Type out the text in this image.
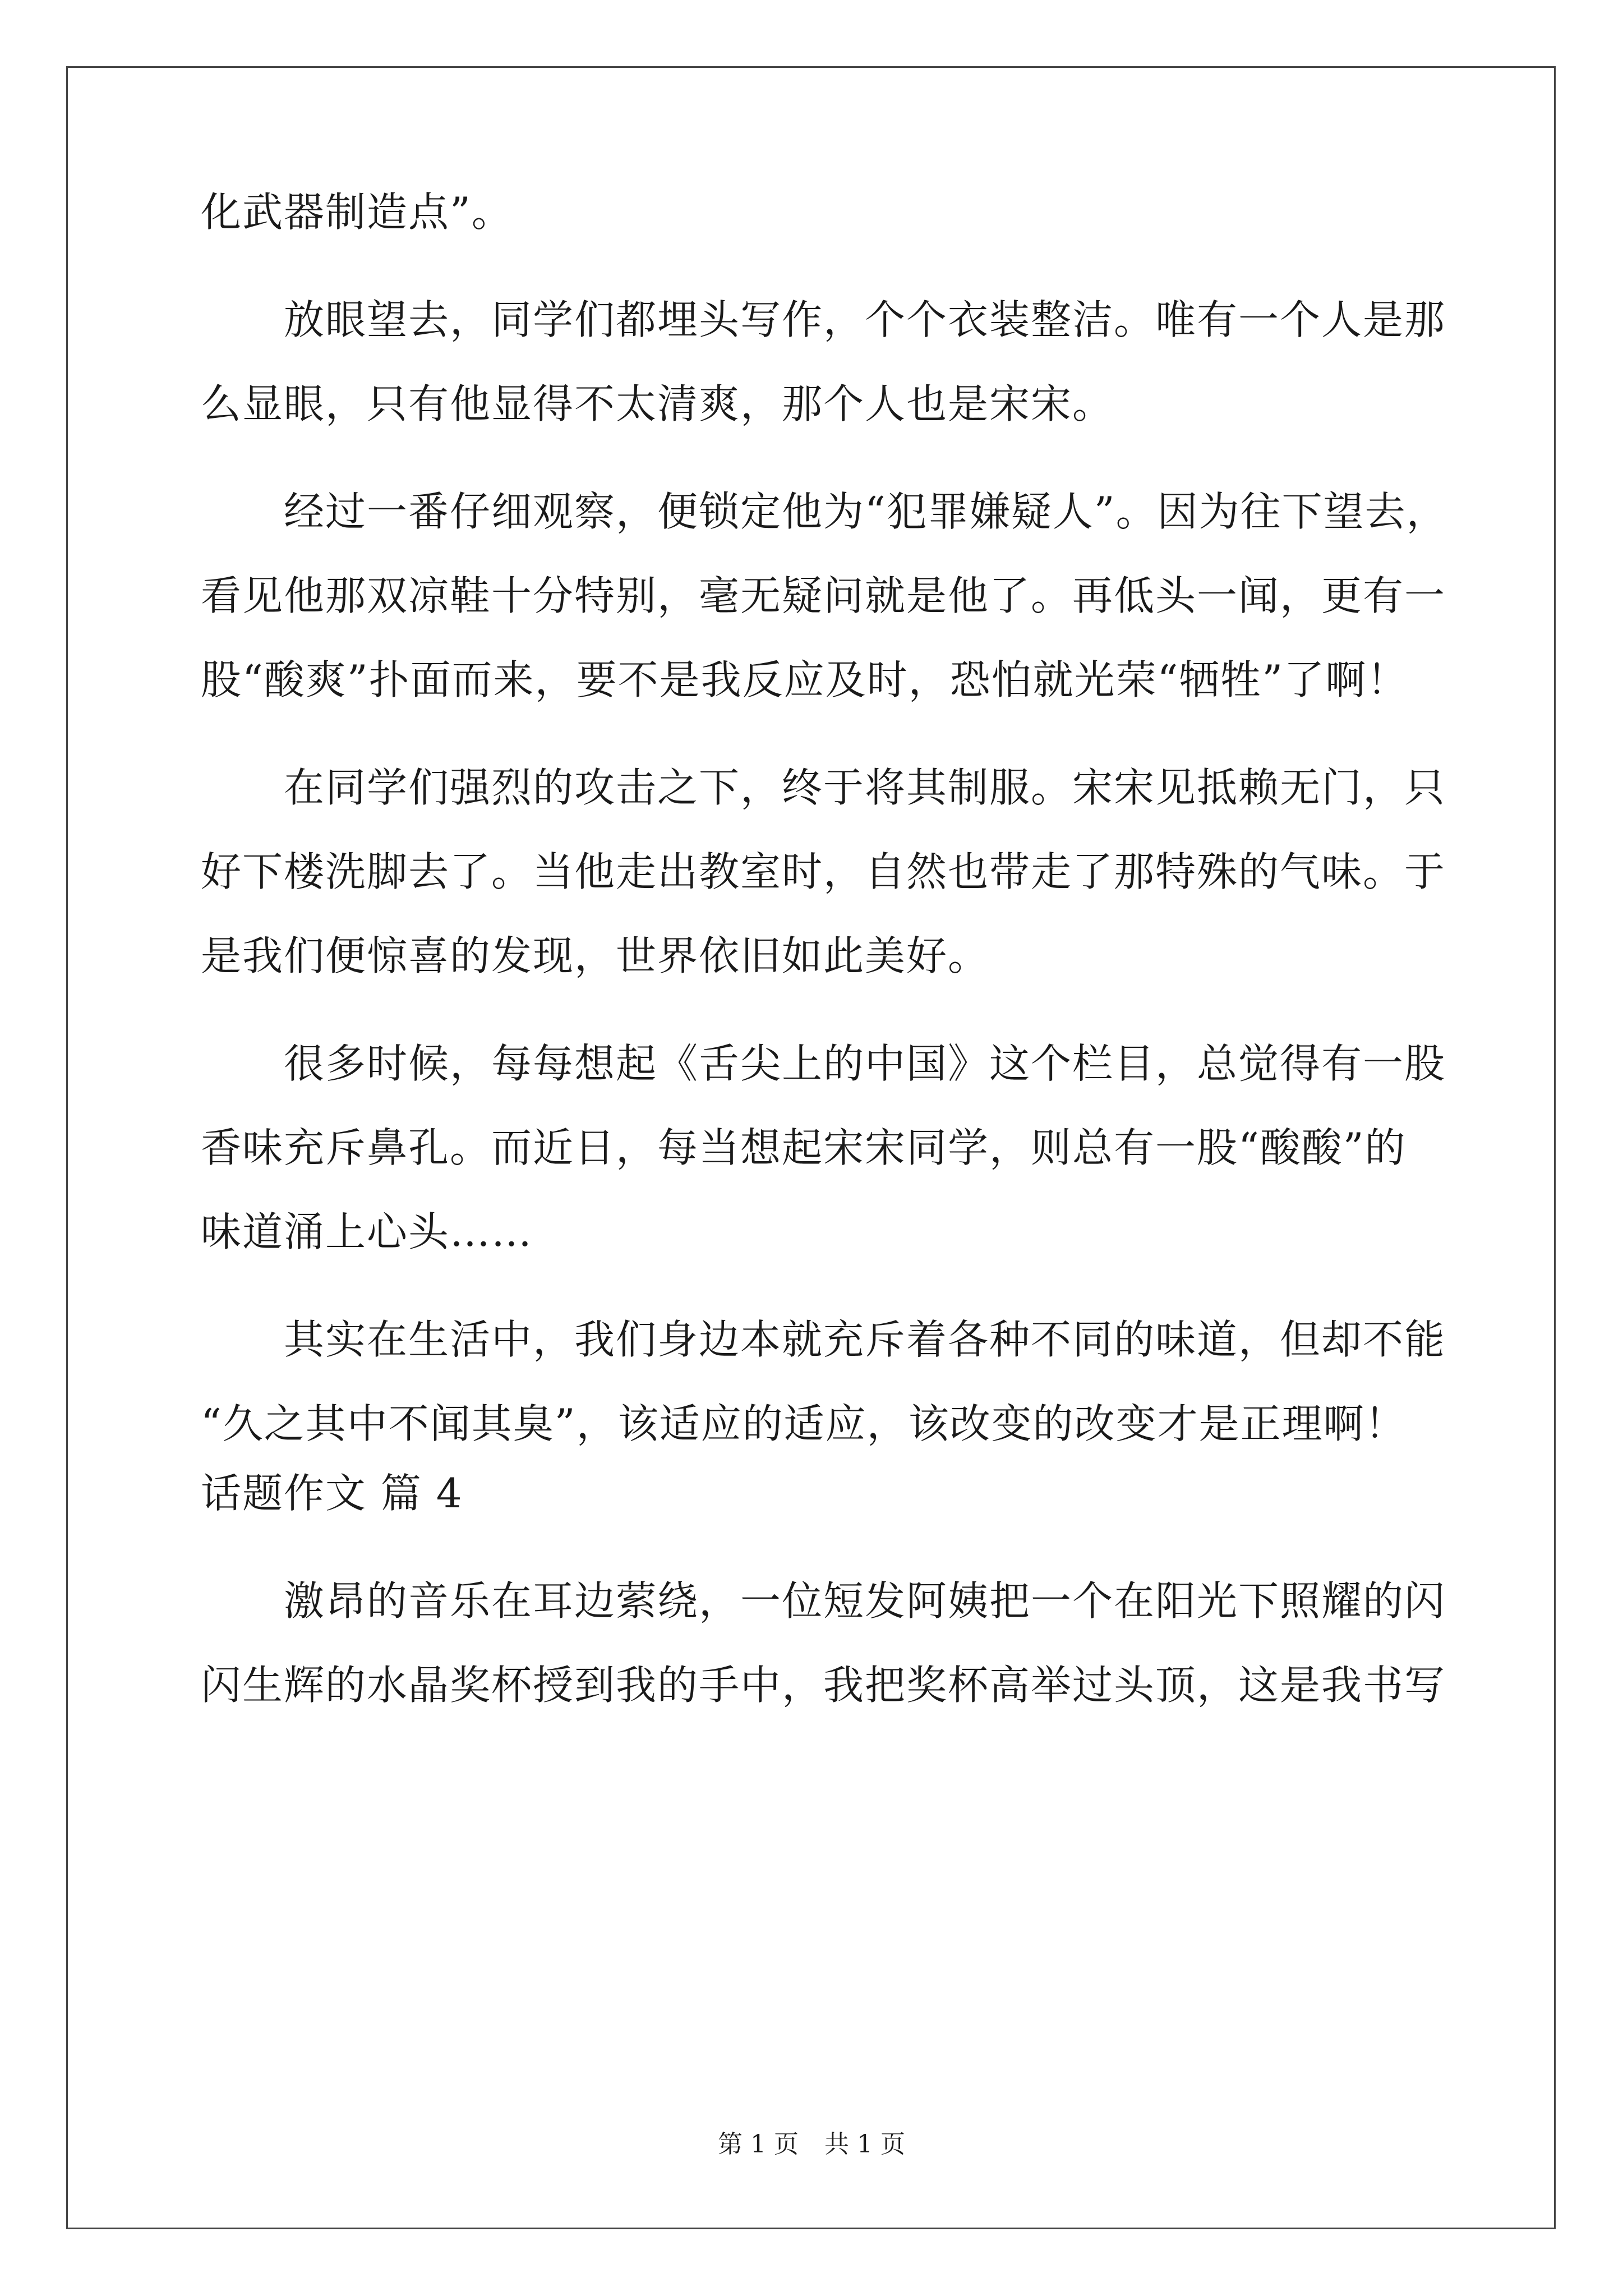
化武器制造点”。
　　放眼望去，同学们都埋头写作，个个衣装整洁。唯有一个人是那
么显眼，只有他显得不太清爽，那个人也是宋宋。
　　经过一番仔细观察，便锁定他为“犯罪嫌疑人”。因为往下望去，
看见他那双凉鞋十分特别，毫无疑问就是他了。再低头一闻，更有一
股“酸爽”扑面而来，要不是我反应及时，恐怕就光荣“牺牲”了啊！
　　在同学们强烈的攻击之下，终于将其制服。宋宋见抵赖无门，只
好下楼洗脚去了。当他走出教室时，自然也带走了那特殊的气味。于
是我们便惊喜的发现，世界依旧如此美好。
　　很多时候，每每想起《舌尖上的中国》这个栏目，总觉得有一股
香味充斥鼻孔。而近日，每当想起宋宋同学，则总有一股“酸酸”的
味道涌上心头……
　　其实在生活中，我们身边本就充斥着各种不同的味道，但却不能
“久之其中不闻其臭”，该适应的适应，该改变的改变才是正理啊！
话题作文 篇 4
　　激昂的音乐在耳边萦绕，一位短发阿姨把一个在阳光下照耀的闪
闪生辉的水晶奖杯授到我的手中，我把奖杯高举过头顶，这是我书写
第 1 页 共 1 页
